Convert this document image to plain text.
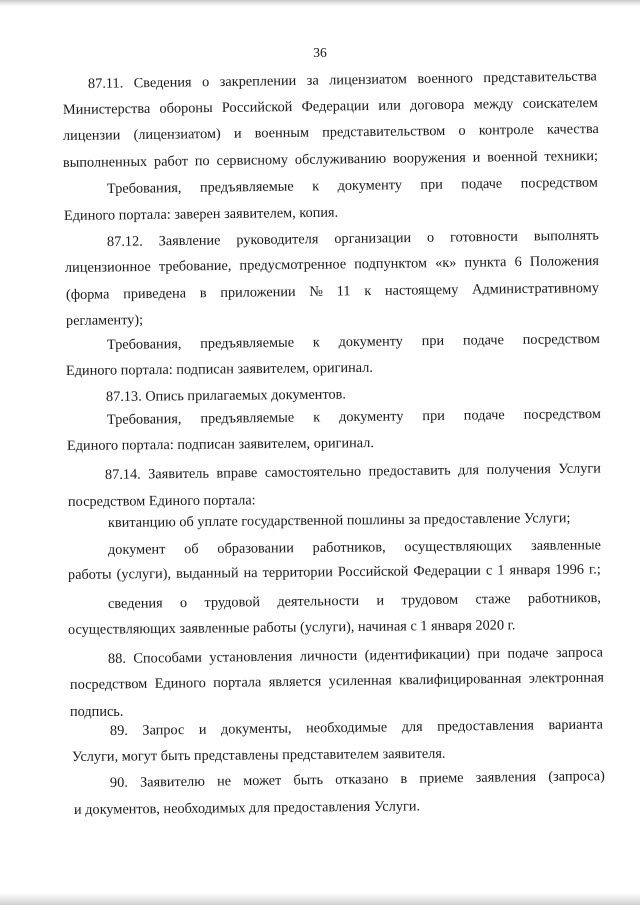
36
87.11. Сведения о закреплении за лицензиатом военного представительства
Министерства обороны Российской Федерации или договора между соискателем
лицензии (лицензиатом) и военным представительством о контроле качества
выполненных работ по сервисному обслуживанию вооружения и военной техники;
Требования, предъявляемые к документу при подаче посредством
Единого портала: заверен заявителем, копия.
87.12. Заявление руководителя организации о готовности выполнять
лицензионное требование, предусмотренное подпунктом «к» пункта 6 Положения
(форма приведена в приложении № 11 к настоящему Административному
регламенту);
Требования, предъявляемые к документу при подаче посредством
Единого портала: подписан заявителем, оригинал.
87.13. Опись прилагаемых документов.
Требования, предъявляемые к документу при подаче посредством
Единого портала: подписан заявителем, оригинал.
87.14. Заявитель вправе самостоятельно предоставить для получения Услуги
посредством Единого портала:
квитанцию об уплате государственной пошлины за предоставление Услуги;
документ об образовании работников, осуществляющих заявленные
работы (услуги), выданный на территории Российской Федерации с 1 января 1996 г.;
сведения о трудовой деятельности и трудовом стаже работников,
осуществляющих заявленные работы (услуги), начиная с 1 января 2020 г.
88. Способами установления личности (идентификации) при подаче запроса
посредством Единого портала является усиленная квалифицированная электронная
подпись.
89. Запрос и документы, необходимые для предоставления варианта
Услуги, могут быть представлены представителем заявителя.
90. Заявителю не может быть отказано в приеме заявления (запроса)
и документов, необходимых для предоставления Услуги.
